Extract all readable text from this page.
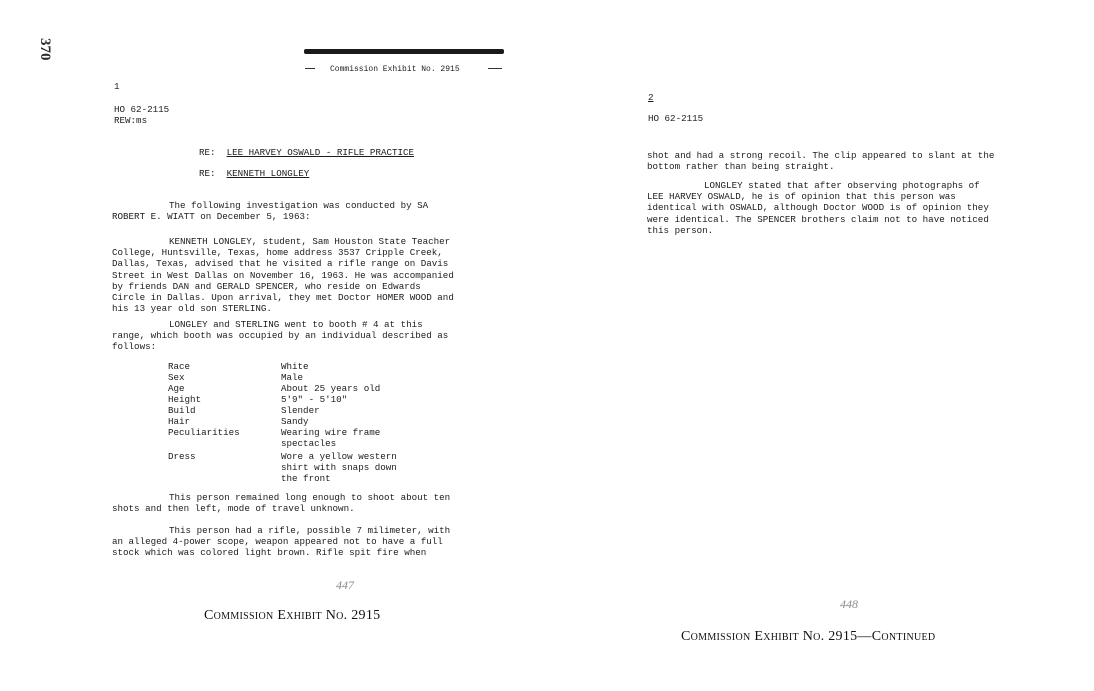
370
Commission Exhibit No. 2915
1
HO 62-2115
REW:ms
RE: LEE HARVEY OSWALD - RIFLE PRACTICE
RE: KENNETH LONGLEY
The following investigation was conducted by SA ROBERT E. WIATT on December 5, 1963:
KENNETH LONGLEY, student, Sam Houston State Teacher College, Huntsville, Texas, home address 3537 Cripple Creek, Dallas, Texas, advised that he visited a rifle range on Davis Street in West Dallas on November 16, 1963. He was accompanied by friends DAN and GERALD SPENCER, who reside on Edwards Circle in Dallas. Upon arrival, they met Doctor HOMER WOOD and his 13 year old son STERLING.
LONGLEY and STERLING went to booth # 4 at this range, which booth was occupied by an individual described as follows:
Race	White
Sex	Male
Age	About 25 years old
Height	5'9" - 5'10"
Build	Slender
Hair	Sandy
Peculiarities	Wearing wire frame spectacles
Dress	Wore a yellow western shirt with snaps down the front
This person remained long enough to shoot about ten shots and then left, mode of travel unknown.
This person had a rifle, possible 7 milimeter, with an alleged 4-power scope, weapon appeared not to have a full stock which was colored light brown. Rifle spit fire when
447
Commission Exhibit No. 2915
2
HO 62-2115
shot and had a strong recoil. The clip appeared to slant at the bottom rather than being straight.
LONGLEY stated that after observing photographs of LEE HARVEY OSWALD, he is of opinion that this person was identical with OSWALD, although Doctor WOOD is of opinion they were identical. The SPENCER brothers claim not to have noticed this person.
448
Commission Exhibit No. 2915—Continued
